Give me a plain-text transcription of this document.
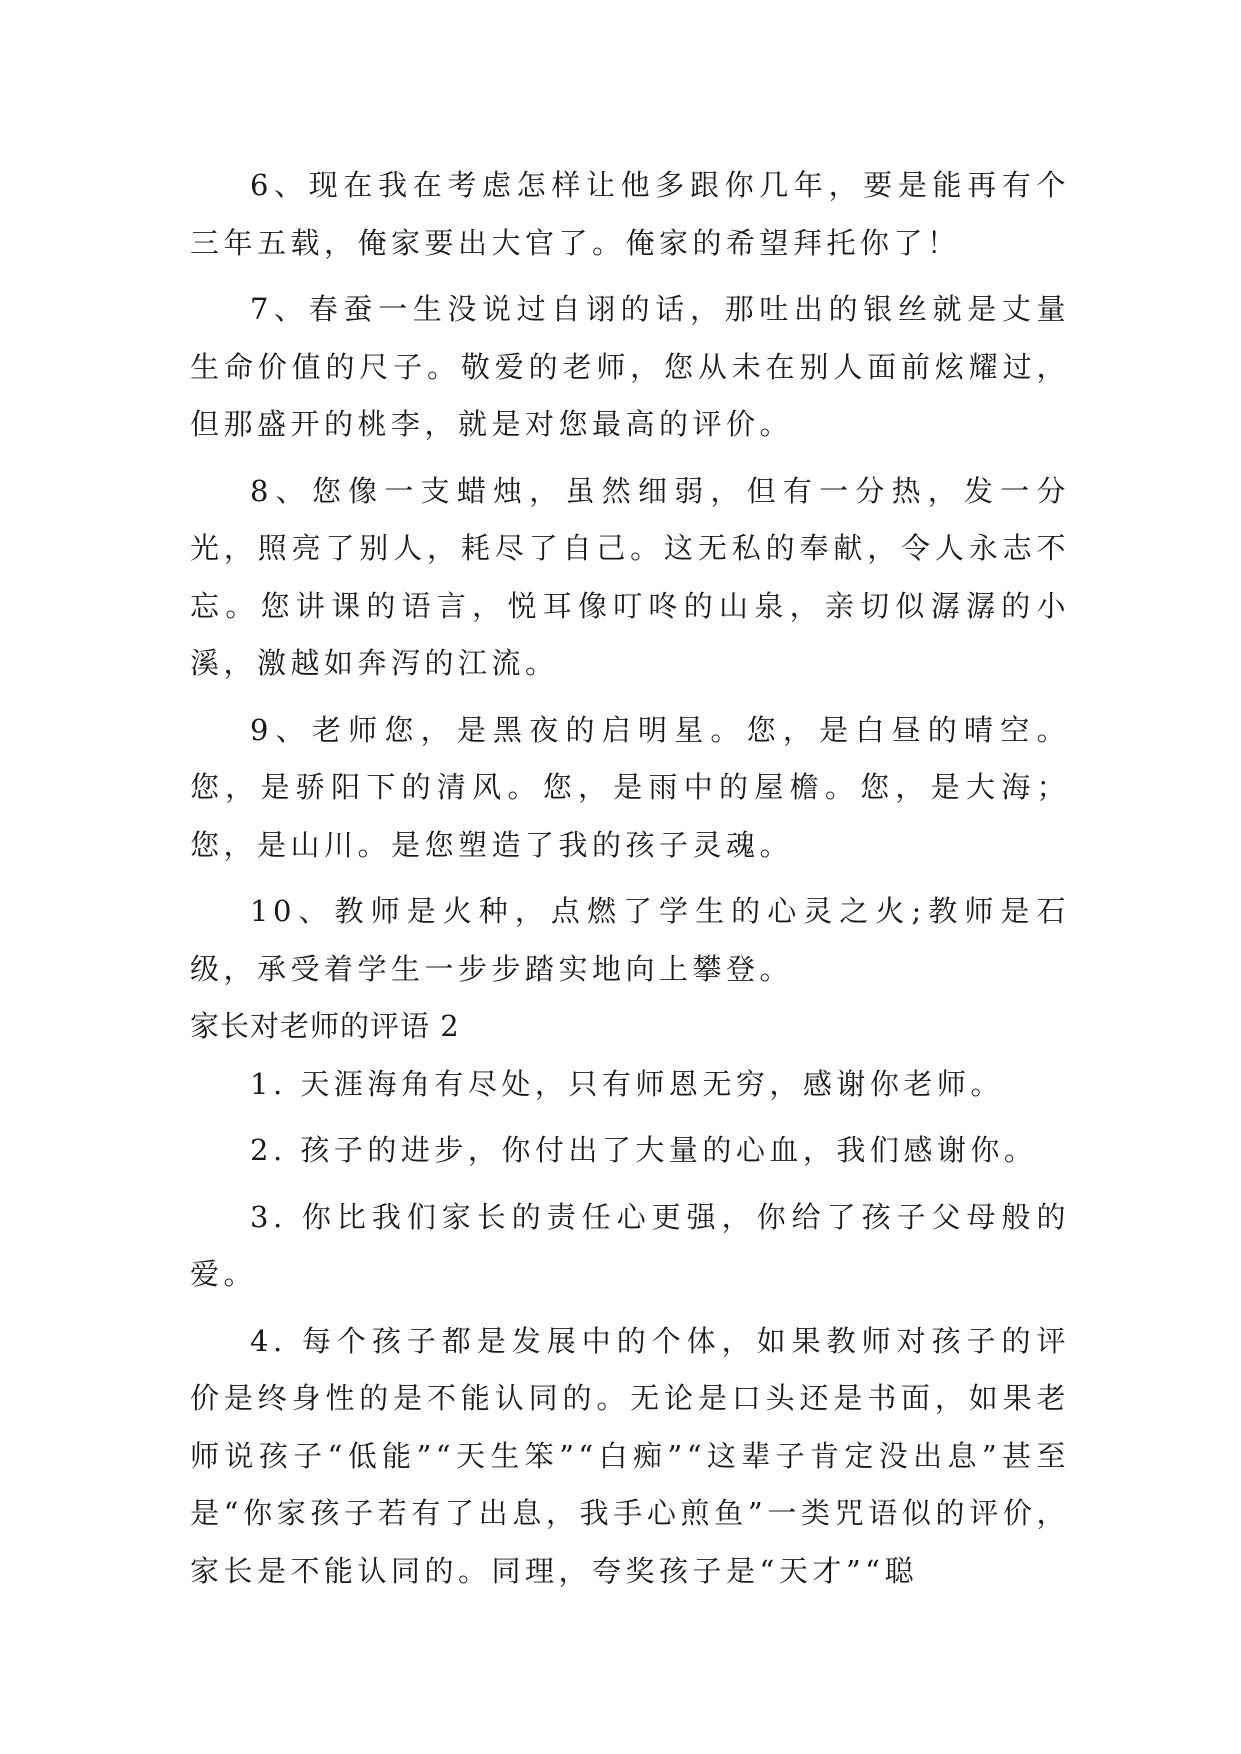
6、现在我在考虑怎样让他多跟你几年，要是能再有个三年五载，俺家要出大官了。俺家的希望拜托你了！

7、春蚕一生没说过自诩的话，那吐出的银丝就是丈量生命价值的尺子。敬爱的老师，您从未在别人面前炫耀过，但那盛开的桃李，就是对您最高的评价。

8、您像一支蜡烛，虽然细弱，但有一分热，发一分光，照亮了别人，耗尽了自己。这无私的奉献，令人永志不忘。您讲课的语言，悦耳像叮咚的山泉，亲切似潺潺的小溪，激越如奔泻的江流。

9、老师您，是黑夜的启明星。您，是白昼的晴空。您，是骄阳下的清风。您，是雨中的屋檐。您，是大海；您，是山川。是您塑造了我的孩子灵魂。

10、教师是火种，点燃了学生的心灵之火;教师是石级，承受着学生一步步踏实地向上攀登。

家长对老师的评语 2

1. 天涯海角有尽处，只有师恩无穷，感谢你老师。

2. 孩子的进步，你付出了大量的心血，我们感谢你。

3. 你比我们家长的责任心更强，你给了孩子父母般的爱。

4. 每个孩子都是发展中的个体，如果教师对孩子的评价是终身性的是不能认同的。无论是口头还是书面，如果老师说孩子“低能”“天生笨”“白痴”“这辈子肯定没出息”甚至是“你家孩子若有了出息，我手心煎鱼”一类咒语似的评价，家长是不能认同的。同理，夸奖孩子是“天才”“聪
